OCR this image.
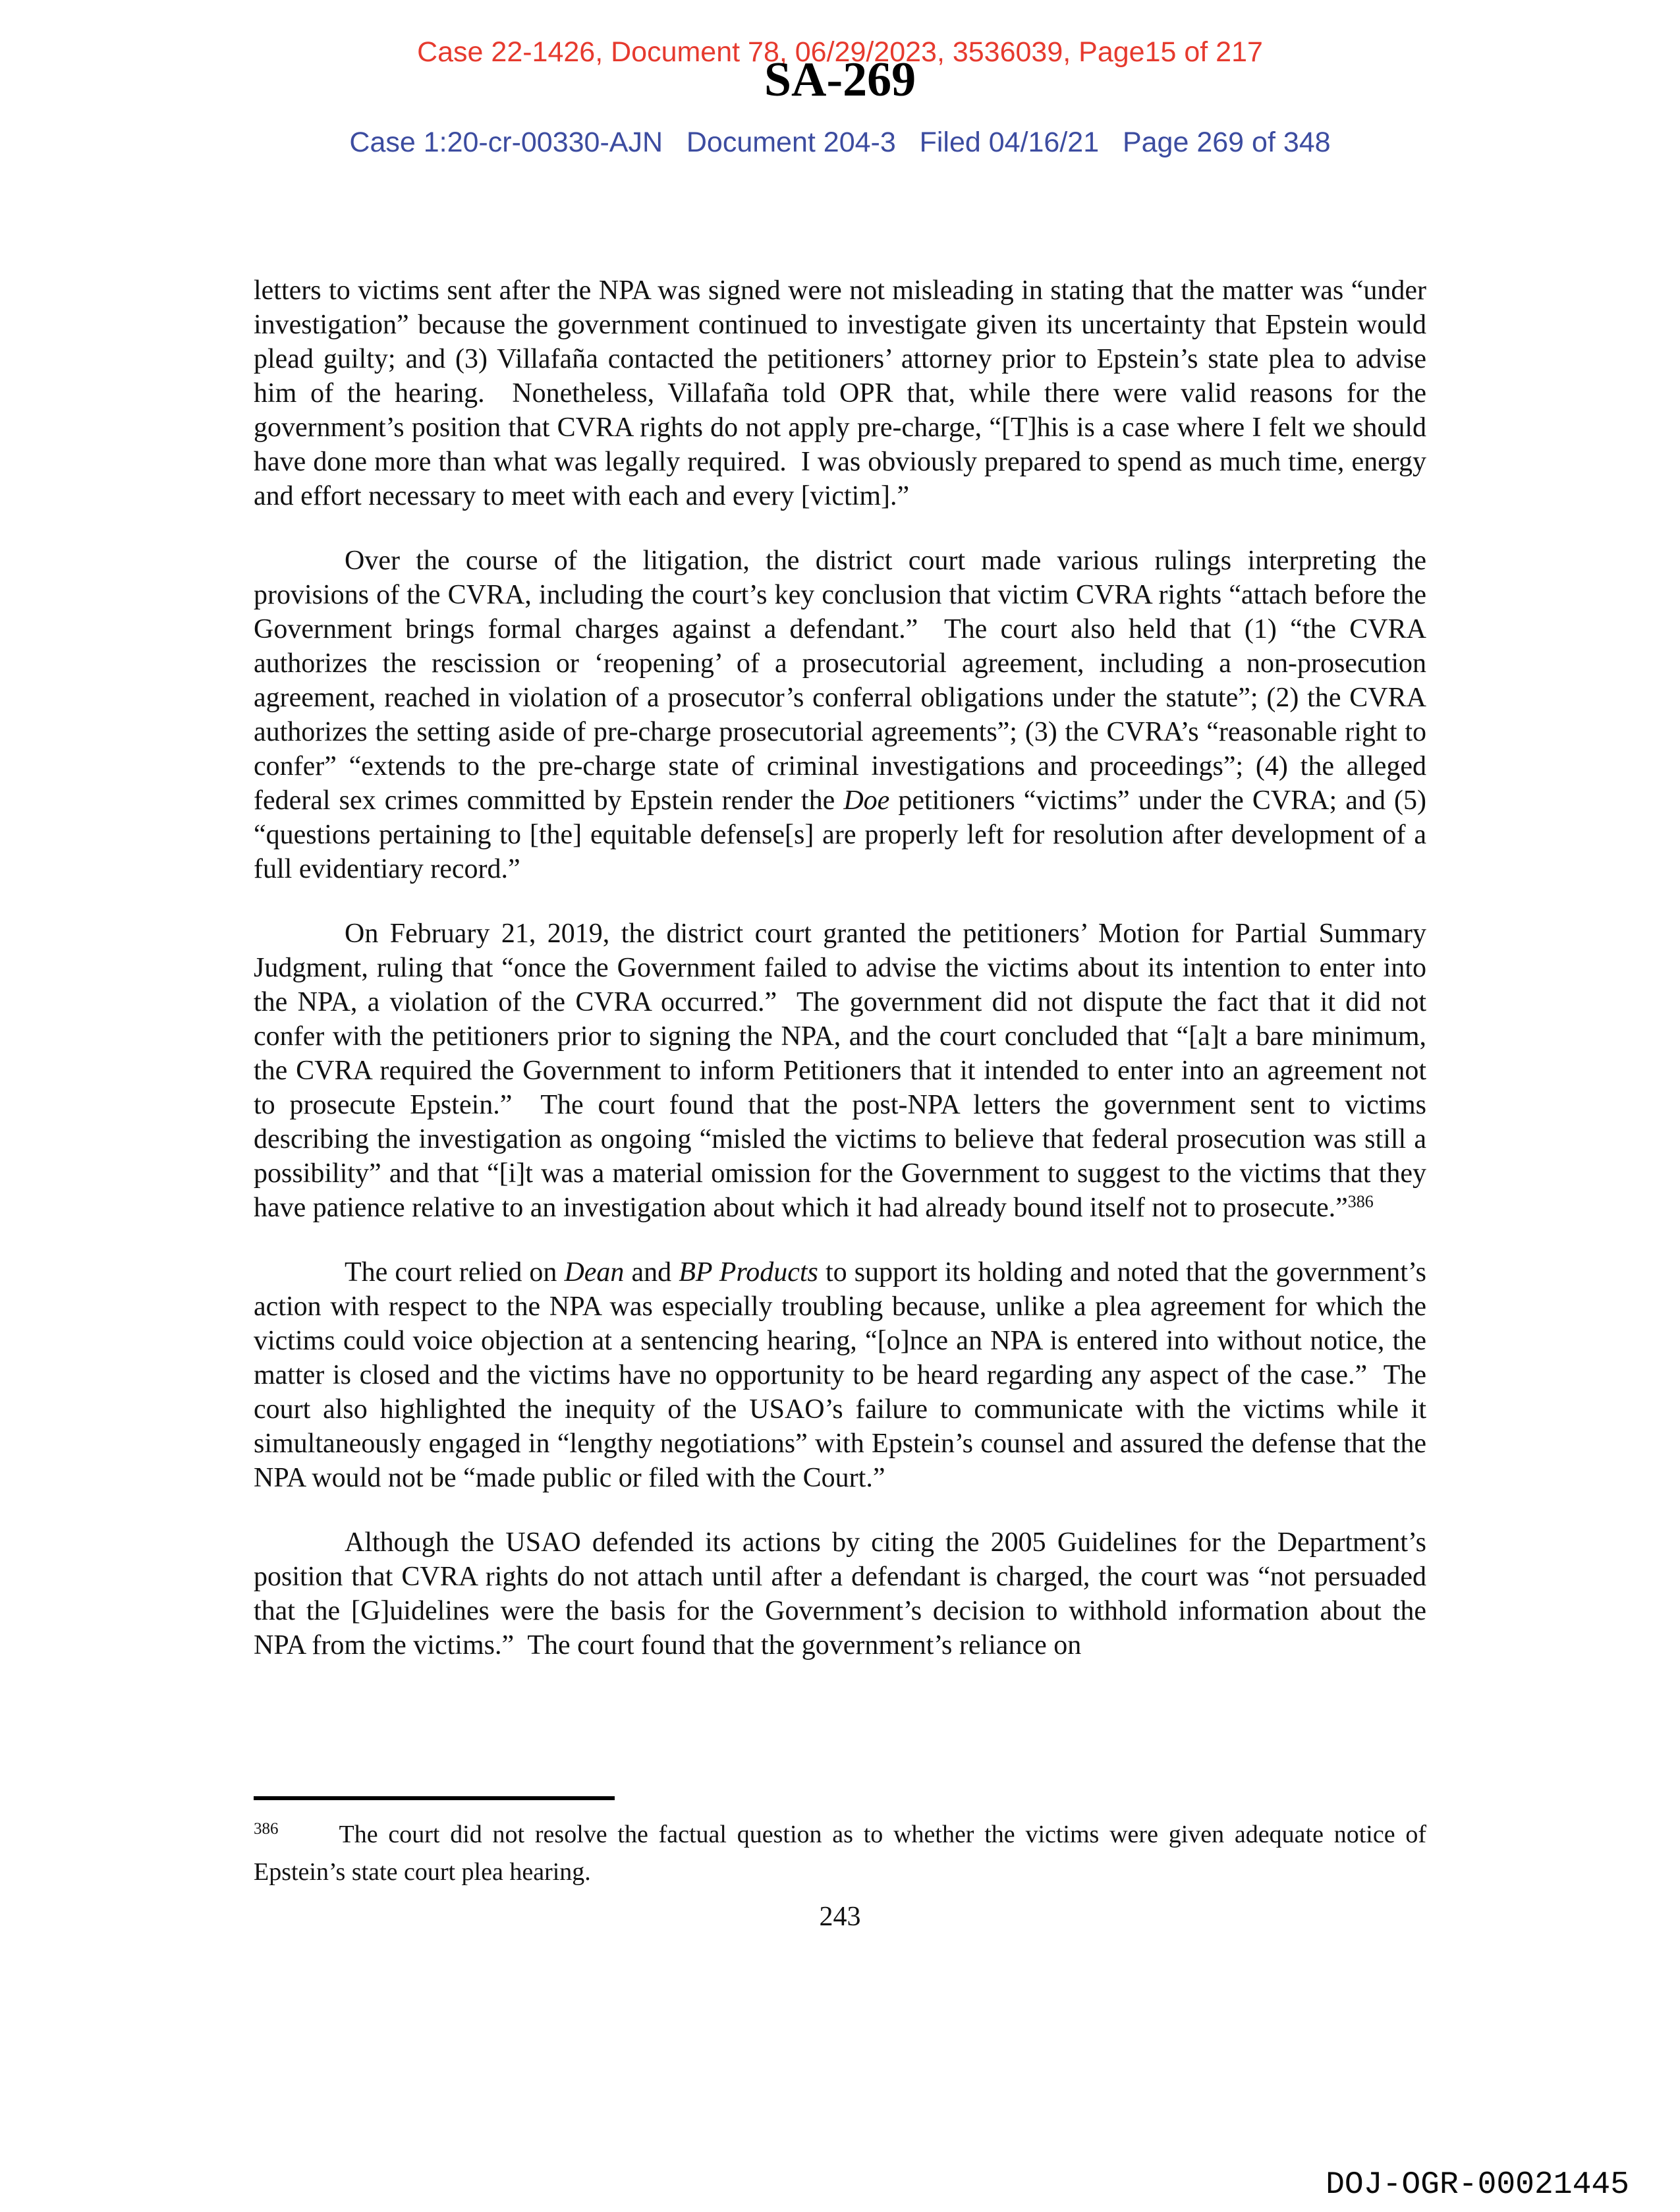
Case 22-1426, Document 78, 06/29/2023, 3536039, Page15 of 217
SA-269
Case 1:20-cr-00330-AJN   Document 204-3   Filed 04/16/21   Page 269 of 348

letters to victims sent after the NPA was signed were not misleading in stating that the matter was “under investigation” because the government continued to investigate given its uncertainty that Epstein would plead guilty; and (3) Villafaña contacted the petitioners’ attorney prior to Epstein’s state plea to advise him of the hearing.  Nonetheless, Villafaña told OPR that, while there were valid reasons for the government’s position that CVRA rights do not apply pre-charge, “[T]his is a case where I felt we should have done more than what was legally required.  I was obviously prepared to spend as much time, energy and effort necessary to meet with each and every [victim].”

Over the course of the litigation, the district court made various rulings interpreting the provisions of the CVRA, including the court’s key conclusion that victim CVRA rights “attach before the Government brings formal charges against a defendant.”  The court also held that (1) “the CVRA authorizes the rescission or ‘reopening’ of a prosecutorial agreement, including a non-prosecution agreement, reached in violation of a prosecutor’s conferral obligations under the statute”; (2) the CVRA authorizes the setting aside of pre-charge prosecutorial agreements”; (3) the CVRA’s “reasonable right to confer” “extends to the pre-charge state of criminal investigations and proceedings”; (4) the alleged federal sex crimes committed by Epstein render the Doe petitioners “victims” under the CVRA; and (5) “questions pertaining to [the] equitable defense[s] are properly left for resolution after development of a full evidentiary record.”

On February 21, 2019, the district court granted the petitioners’ Motion for Partial Summary Judgment, ruling that “once the Government failed to advise the victims about its intention to enter into the NPA, a violation of the CVRA occurred.”  The government did not dispute the fact that it did not confer with the petitioners prior to signing the NPA, and the court concluded that “[a]t a bare minimum, the CVRA required the Government to inform Petitioners that it intended to enter into an agreement not to prosecute Epstein.”  The court found that the post-NPA letters the government sent to victims describing the investigation as ongoing “misled the victims to believe that federal prosecution was still a possibility” and that “[i]t was a material omission for the Government to suggest to the victims that they have patience relative to an investigation about which it had already bound itself not to prosecute.”$^{386}$

The court relied on Dean and BP Products to support its holding and noted that the government’s action with respect to the NPA was especially troubling because, unlike a plea agreement for which the victims could voice objection at a sentencing hearing, “[o]nce an NPA is entered into without notice, the matter is closed and the victims have no opportunity to be heard regarding any aspect of the case.”  The court also highlighted the inequity of the USAO’s failure to communicate with the victims while it simultaneously engaged in “lengthy negotiations” with Epstein’s counsel and assured the defense that the NPA would not be “made public or filed with the Court.”

Although the USAO defended its actions by citing the 2005 Guidelines for the Department’s position that CVRA rights do not attach until after a defendant is charged, the court was “not persuaded that the [G]uidelines were the basis for the Government’s decision to withhold information about the NPA from the victims.”  The court found that the government’s reliance on

$^{386}$ The court did not resolve the factual question as to whether the victims were given adequate notice of Epstein’s state court plea hearing.
243
DOJ-OGR-00021445
